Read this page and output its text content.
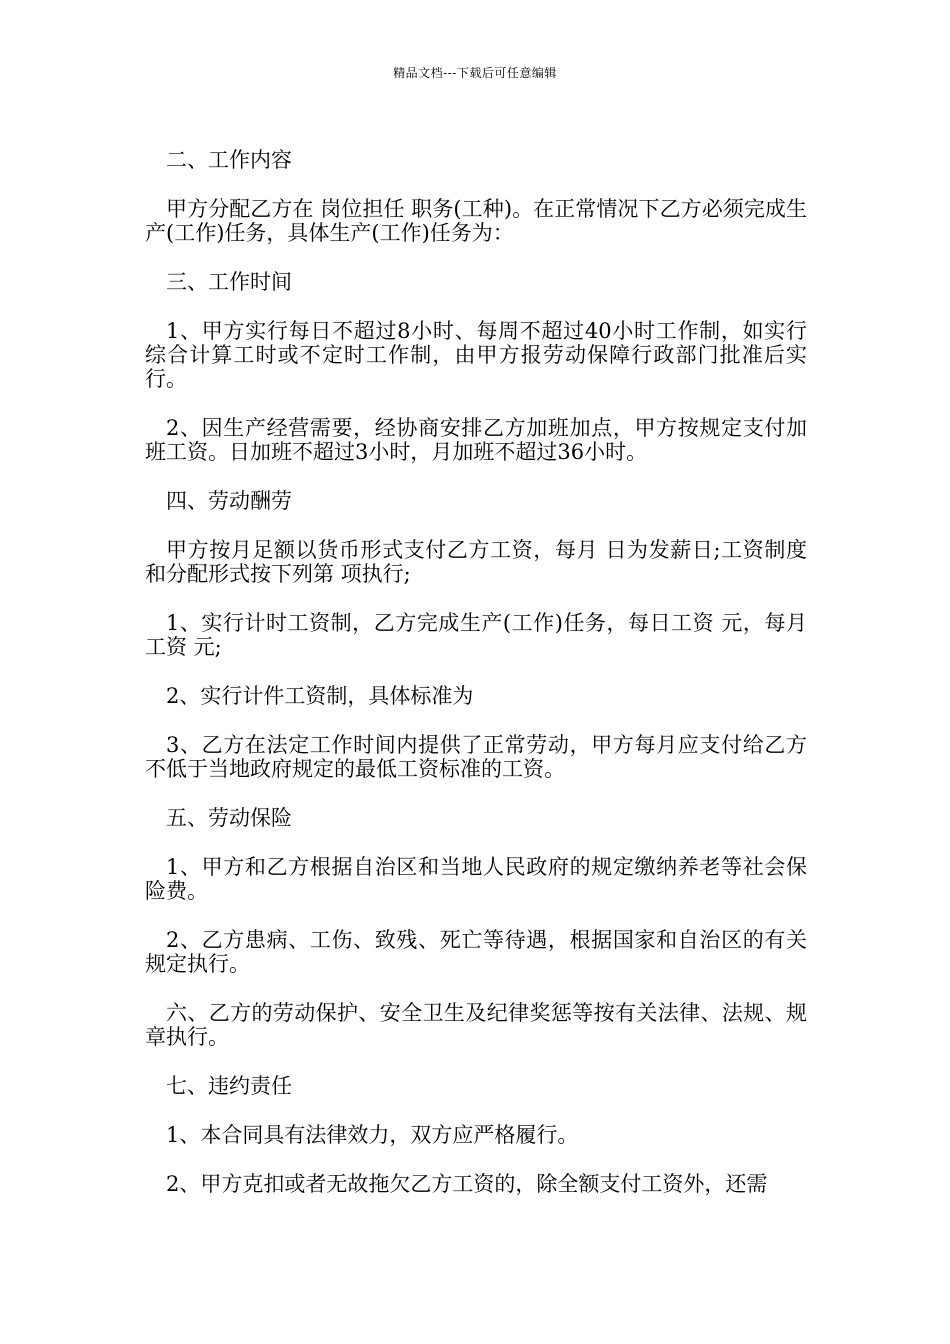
精品文档---下载后可任意编辑

二、工作内容

甲方分配乙方在 岗位担任 职务(工种)。在正常情况下乙方必须完成生产(工作)任务，具体生产(工作)任务为：

三、工作时间

1、甲方实行每日不超过8小时、每周不超过40小时工作制，如实行综合计算工时或不定时工作制，由甲方报劳动保障行政部门批准后实行。

2、因生产经营需要，经协商安排乙方加班加点，甲方按规定支付加班工资。日加班不超过3小时，月加班不超过36小时。

四、劳动酬劳

甲方按月足额以货币形式支付乙方工资，每月 日为发薪日;工资制度和分配形式按下列第 项执行;

1、实行计时工资制，乙方完成生产(工作)任务，每日工资 元，每月工资 元;

2、实行计件工资制，具体标准为

3、乙方在法定工作时间内提供了正常劳动，甲方每月应支付给乙方不低于当地政府规定的最低工资标准的工资。

五、劳动保险

1、甲方和乙方根据自治区和当地人民政府的规定缴纳养老等社会保险费。

2、乙方患病、工伤、致残、死亡等待遇，根据国家和自治区的有关规定执行。

六、乙方的劳动保护、安全卫生及纪律奖惩等按有关法律、法规、规章执行。

七、违约责任

1、本合同具有法律效力，双方应严格履行。

2、甲方克扣或者无故拖欠乙方工资的，除全额支付工资外，还需
